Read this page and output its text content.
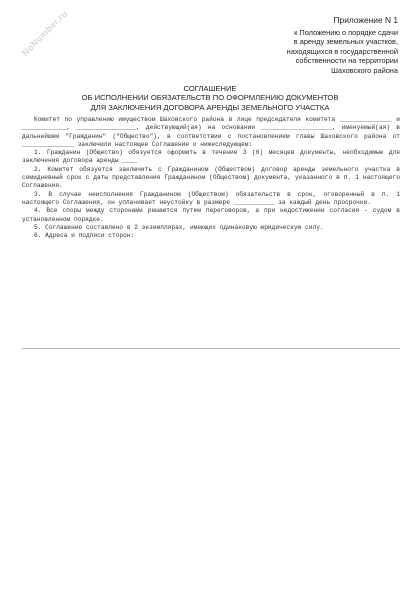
NoNumber.ru	Приложение N 1
к Положению о порядке сдачи
в аренду земельных участков,
находящихся в государственной
собственности на территории
Шаховского района
СОГЛАШЕНИЕ
ОБ ИСПОЛНЕНИИ ОБЯЗАТЕЛЬСТВ ПО ОФОРМЛЕНИЮ ДОКУМЕНТОВ
ДЛЯ ЗАКЛЮЧЕНИЯ ДОГОВОРА АРЕНДЫ ЗЕМЕЛЬНОГО УЧАСТКА

Комитет по управлению имуществом Шаховского района в лице председателя комитета ______________ и ____________, ________________, действующий(ая) на основании ___________________, именуемый(ая) в дальнейшем "Гражданин" ("Общество"), в соответствии с постановлением главы Шаховского района от ______________ заключили настоящее Соглашение о нижеследующем:

1. Гражданин (Общество) обязуется оформить в течение 3 (6) месяцев документы, необходимые для заключения договора аренды ____

2. Комитет обязуется заключить с Гражданином (Обществом) договор аренды земельного участка в семидневный срок с даты представления Гражданином (Обществом) документа, указанного в п. 1 настоящего Соглашения.

3. В случае неисполнения Гражданином (Обществом) обязательств в срок, оговоренный в п. 1 настоящего Соглашения, он уплачивает неустойку в размере ___________ за каждый день просрочки.

4. Все споры между сторонами решаются путем переговоров, а при недостижении согласия - судом в установленном порядке.

5. Соглашение составлено в 2 экземплярах, имеющих одинаковую юридическую силу.

6. Адреса и подписи сторон:
